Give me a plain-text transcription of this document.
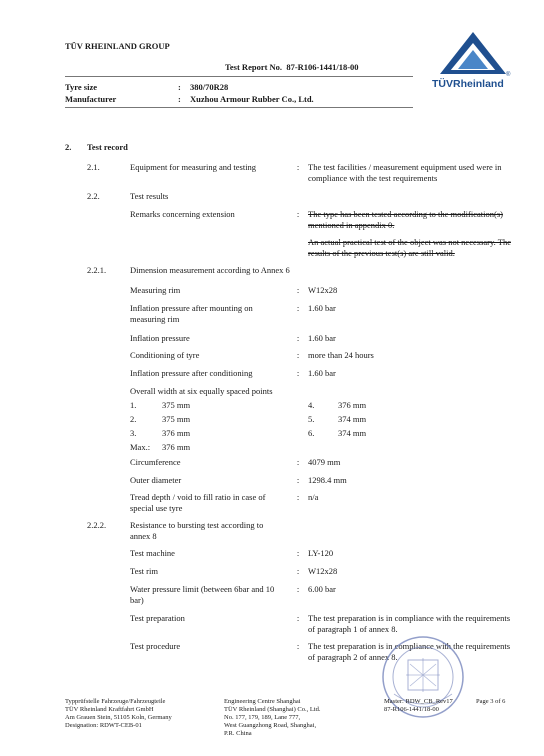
TÜV RHEINLAND GROUP
Test Report No. 87-R106-1441/18-00
Tyre size	: 380/70R28
Manufacturer	: Xuzhou Armour Rubber Co., Ltd.
®
TÜVRheinland
2. Test record
2.1.	Equipment for measuring and testing	:	The test facilities / measurement equipment used were in compliance with the test requirements
2.2.	Test results
Remarks concerning extension	:	The type has been tested according to the modification(s) mentioned in appendix 0.
An actual practical test of the object was not necessary. The results of the previous test(s) are still valid.
2.2.1.	Dimension measurement according to Annex 6
Measuring rim	:	W12x28
Inflation pressure after mounting on measuring rim
:	1.60 bar
Inflation pressure	:	1.60 bar
Conditioning of tyre	:	more than 24 hours
Inflation pressure after conditioning	:	1.60 bar
Overall width at six equally spaced points
1.	375 mm
2.	375 mm
3.	376 mm
4.	376 mm
5.	374 mm
6.	374 mm
Max.: 376 mm
Circumference	:	4079 mm
Outer diameter	:	1298.4 mm
Tread depth / void to fill ratio in case of special use tyre
:	n/a
2.2.2.	Resistance to bursting test according to annex 8
Test machine	:	LY-120
Test rim	:	W12x28
Water pressure limit (between 6bar and 10 bar)
:	6.00 bar
Test preparation	:	The test preparation is in compliance with the requirements of paragraph 1 of annex 8.
Test procedure	:	The test preparation is in compliance with the requirements of paragraph 2 of annex 8.
Typprüfstelle Fahrzeuge/Fahrzeugteile
TÜV Rheinland Kraftfahrt GmbH
Am Grauen Stein, 51105 Koln, Germany
Designation: RDWT-CEB-01
Engineering Centre Shanghai
TÜV Rheinland (Shanghai) Co., Ltd.
No. 177, 179, 189, Lane 777,
West Guangzhong Road, Shanghai,
P.R. China
Master: RDW_CB_Rev17
87-R106-1441/18-00
Page 3 of 6
